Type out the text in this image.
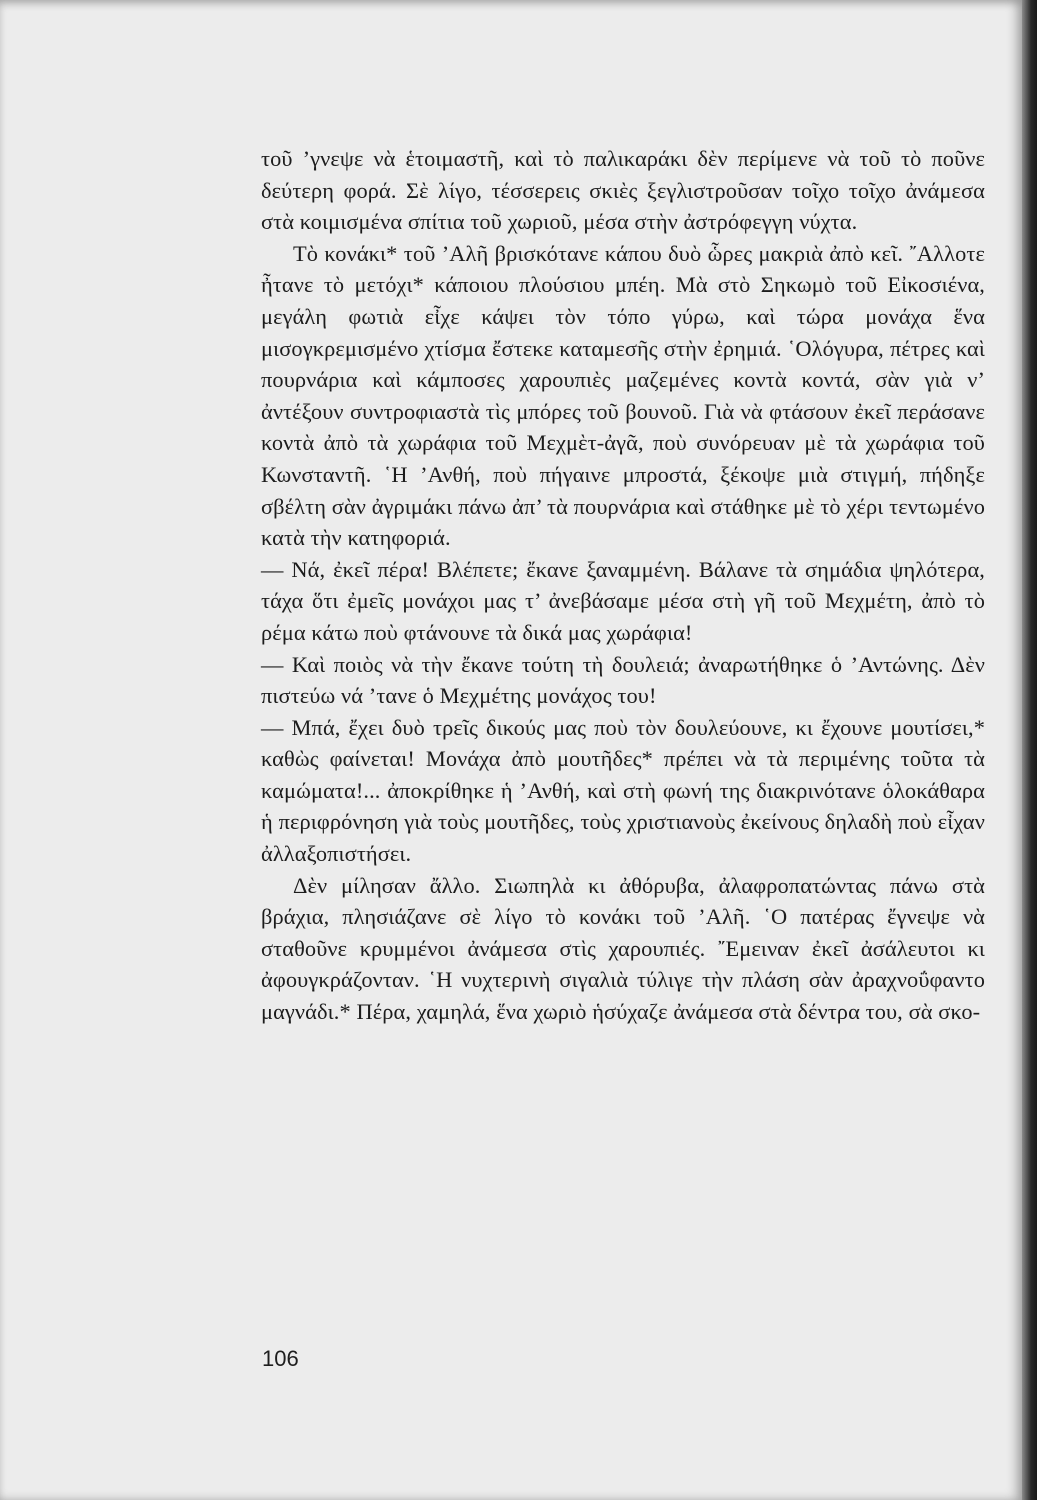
τοῦ ’γνεψε νὰ ἑτοιμαστῆ, καὶ τὸ παλικαράκι δὲν περίμενε νὰ τοῦ τὸ ποῦνε δεύτερη φορά. Σὲ λίγο, τέσσερεις σκιὲς ξεγλιστροῦσαν τοῖχο τοῖχο ἀνάμεσα στὰ κοιμισμένα σπίτια τοῦ χωριοῦ, μέσα στὴν ἀστρόφεγγη νύχτα.

Τὸ κονάκι* τοῦ ’Αλῆ βρισκότανε κάπου δυὸ ὧρες μακριὰ ἀπὸ κεῖ. ῎Αλλοτε ἦτανε τὸ μετόχι* κάποιου πλούσιου μπέη. Μὰ στὸ Σηκωμὸ τοῦ Εἰκοσιένα, μεγάλη φωτιὰ εἶχε κάψει τὸν τόπο γύρω, καὶ τώρα μονάχα ἕνα μισογκρεμισμένο χτίσμα ἔστεκε καταμεσῆς στὴν ἐρημιά. ῾Ολόγυρα, πέτρες καὶ πουρνάρια καὶ κάμποσες χαρουπιὲς μαζεμένες κοντὰ κοντά, σὰν γιὰ ν’ ἀντέξουν συντροφιαστὰ τὶς μπόρες τοῦ βουνοῦ. Γιὰ νὰ φτάσουν ἐκεῖ περάσανε κοντὰ ἀπὸ τὰ χωράφια τοῦ Μεχμὲτ-ἀγᾶ, ποὺ συνόρευαν μὲ τὰ χωράφια τοῦ Κωνσταντῆ. ῾Η ’Ανθή, ποὺ πήγαινε μπροστά, ξέκοψε μιὰ στιγμή, πήδηξε σβέλτη σὰν ἀγριμάκι πάνω ἀπ’ τὰ πουρνάρια καὶ στάθηκε μὲ τὸ χέρι τεντωμένο κατὰ τὴν κατηφοριά.

— Νά, ἐκεῖ πέρα! Βλέπετε; ἔκανε ξαναμμένη. Βάλανε τὰ σημάδια ψηλότερα, τάχα ὅτι ἐμεῖς μονάχοι μας τ’ ἀνεβάσαμε μέσα στὴ γῆ τοῦ Μεχμέτη, ἀπὸ τὸ ρέμα κάτω ποὺ φτάνουνε τὰ δικά μας χωράφια!

— Καὶ ποιὸς νὰ τὴν ἔκανε τούτη τὴ δουλειά; ἀναρωτήθηκε ὁ ’Αντώνης. Δὲν πιστεύω νά ’τανε ὁ Μεχμέτης μονάχος του!

— Μπά, ἔχει δυὸ τρεῖς δικούς μας ποὺ τὸν δουλεύουνε, κι ἔχουνε μουτίσει,* καθὼς φαίνεται! Μονάχα ἀπὸ μουτῆδες* πρέπει νὰ τὰ περιμένης τοῦτα τὰ καμώματα!... ἀποκρίθηκε ἡ ’Ανθή, καὶ στὴ φωνή της διακρινότανε ὁλοκάθαρα ἡ περιφρόνηση γιὰ τοὺς μουτῆδες, τοὺς χριστιανοὺς ἐκείνους δηλαδὴ ποὺ εἶχαν ἀλλαξοπιστήσει.

Δὲν μίλησαν ἄλλο. Σιωπηλὰ κι ἀθόρυβα, ἀλαφροπατώντας πάνω στὰ βράχια, πλησιάζανε σὲ λίγο τὸ κονάκι τοῦ ’Αλῆ. ῾Ο πατέρας ἔγνεψε νὰ σταθοῦνε κρυμμένοι ἀνάμεσα στὶς χαρουπιές. ῎Εμειναν ἐκεῖ ἀσάλευτοι κι ἀφουγκράζονταν. ῾Η νυχτερινὴ σιγαλιὰ τύλιγε τὴν πλάση σὰν ἀραχνοΰφαντο μαγνάδι.* Πέρα, χαμηλά, ἕνα χωριὸ ἡσύχαζε ἀνάμεσα στὰ δέντρα του, σὰ σκο-

106
